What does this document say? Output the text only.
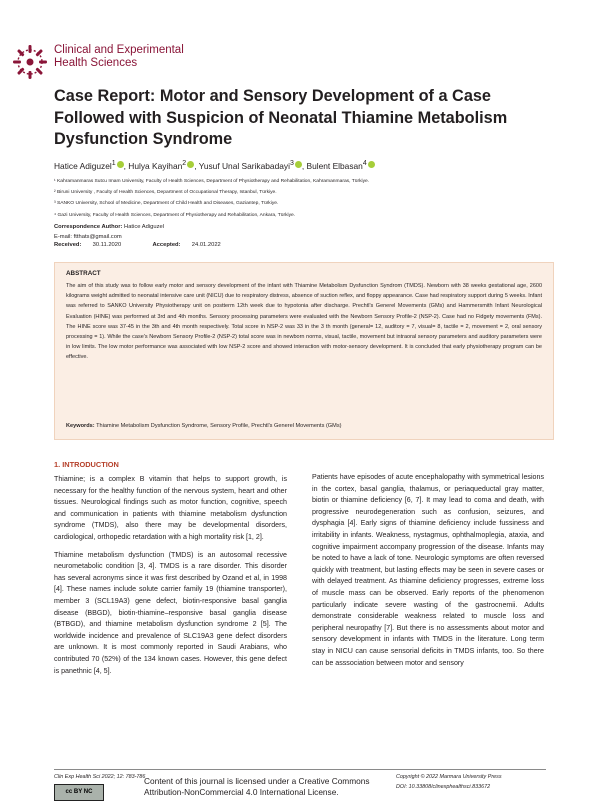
Clinical and Experimental
Health Sciences
Case Report: Motor and Sensory Development of a Case Followed with Suspicion of Neonatal Thiamine Metabolism Dysfunction Syndrome
Hatice Adiguzel$^1$ , Hulya Kayihan$^2$ , Yusuf Unal Sarikabadayi$^3$ , Bulent Elbasan$^4$
¹ Kahramanmaras Sutcu Imam University, Faculty of Health Sciences, Department of Physiotherapy and Rehabilitation, Kahramanmaras, Türkiye.
² Biruni University , Faculty of Health Sciences, Department of Occupational Therapy, Istanbul, Türkiye.
³ SANKO University, School of Medicine, Department of Child Health and Diseases, Gaziantep, Türkiye.
⁴ Gazi University, Faculty of Health Sciences, Department of Physiotherapy and Rehabilitation, Ankara, Türkiye.
Correspondence Author: Hatice Adiguzel
E-mail: ftthats@gmail.com
Received: 30.11.2020	Accepted: 24.01.2022
ABSTRACT
The aim of this study was to follow early motor and sensory development of the infant with Thiamine Metabolism Dysfunction Syndrom (TMDS). Newborn with 38 weeks gestational age, 2600 kilograms weight admitted to neonatal intensive care unit (NICU) due to respiratory distress, absence of suction reflex, and floppy appearance. Case had respiratory support during 5 weeks. Infant was referred to SANKO University Physiotherapy unit on postterm 12th week due to hypotonia after discharge. Prechtl's Generel Movements (GMs) and Hammersmith Infant Neurological Evaluation (HINE) was performed at 3rd and 4th months. Sensory processing parameters were evaluated with the Newborn Sensory Profile-2 (NSP-2). Case had no Fidgety movements (FMs). The HINE score was 37-45 in the 3th and 4th month respectively. Total score in NSP-2 was 33 in the 3 th month (general= 12, auditory = 7, visual= 8, tactile = 2, movement = 2, oral sensory processing = 1). While the case's Newborn Sensory Profile-2 (NSP-2) total score was in newborn norms, visual, tactile, movement but intraoral sensory parameters and auditory parameters were in low limits. The low motor performance was associated with low NSP-2 score and showed interaction with motor-sensory development. It is concluded that early physiotherapy program can be effective.
Keywords: Thiamine Metabolism Dysfunction Syndrome, Sensory Profile, Prechtl's Generel Movements (GMs)
1. INTRODUCTION

Thiamine; is a complex B vitamin that helps to support growth, is necessary for the healthy function of the nervous system, heart and other tissues. Neurological findings such as motor function, cognitive, speech and communication in patients with thiamine metabolism dysfunction syndrome (TMDS), also there may be developmental disorders, cardiological, orthopedic retardation with a high mortality risk [1, 2].

Thiamine metabolism dysfunction (TMDS) is an autosomal recessive neurometabolic condition [3, 4]. TMDS is a rare disorder. This disorder has several acronyms since it was first described by Ozand et al, in 1998 [4]. These names include solute carrier family 19 (thiamine transporter), member 3 (SCL19A3) gene defect, biotin-responsive basal ganglia disease (BBGD), biotin-thiamine–responsive basal ganglia disease (BTBGD), and thiamine metabolism dysfunction syndrome 2 [5]. The worldwide incidence and prevalence of SLC19A3 gene defect disorders are unknown. It is most commonly reported in Saudi Arabians, who contributed 70 (52%) of the 134 known cases. However, this gene defect is panethnic [4, 5].

Patients have episodes of acute encephalopathy with symmetrical lesions in the cortex, basal ganglia, thalamus, or periaqueductal gray matter, biotin or thiamine deficiency [6, 7]. It may lead to coma and death, with progressive neurodegeneration such as confusion, seizures, and dysphagia [4]. Early signs of thiamine deficiency include fussiness and irritability in infants. Weakness, nystagmus, ophthalmoplegia, ataxia, and cognitive impairment accompany progression of the disease. Infants may be noted to have a lack of tone. Neurologic symptoms are often reversed quickly with treatment, but lasting effects may be seen in severe cases or with delayed treatment. As thiamine deficiency progresses, extreme loss of muscle mass can be observed. Early reports of the phenomenon particularly indicate severe wasting of the gastrocnemii. Adults demonstrate considerable weakness related to muscle loss and peripheral neuropathy [7]. But there is no assessments about motor and sensory development in infants with TMDS in the literature. Long term stay in NICU can cause sensorial deficits in TMDS infants, too. So there can be asssociation between motor and sensory

Clin Exp Health Sci 2022; 12: 783-786	Copyright © 2022 Marmara University Press
DOI: 10.33808/clinexphealthsci.833672
cc BY NC
Content of this journal is licensed under a Creative Commons
Attribution-NonCommercial 4.0 International License.
